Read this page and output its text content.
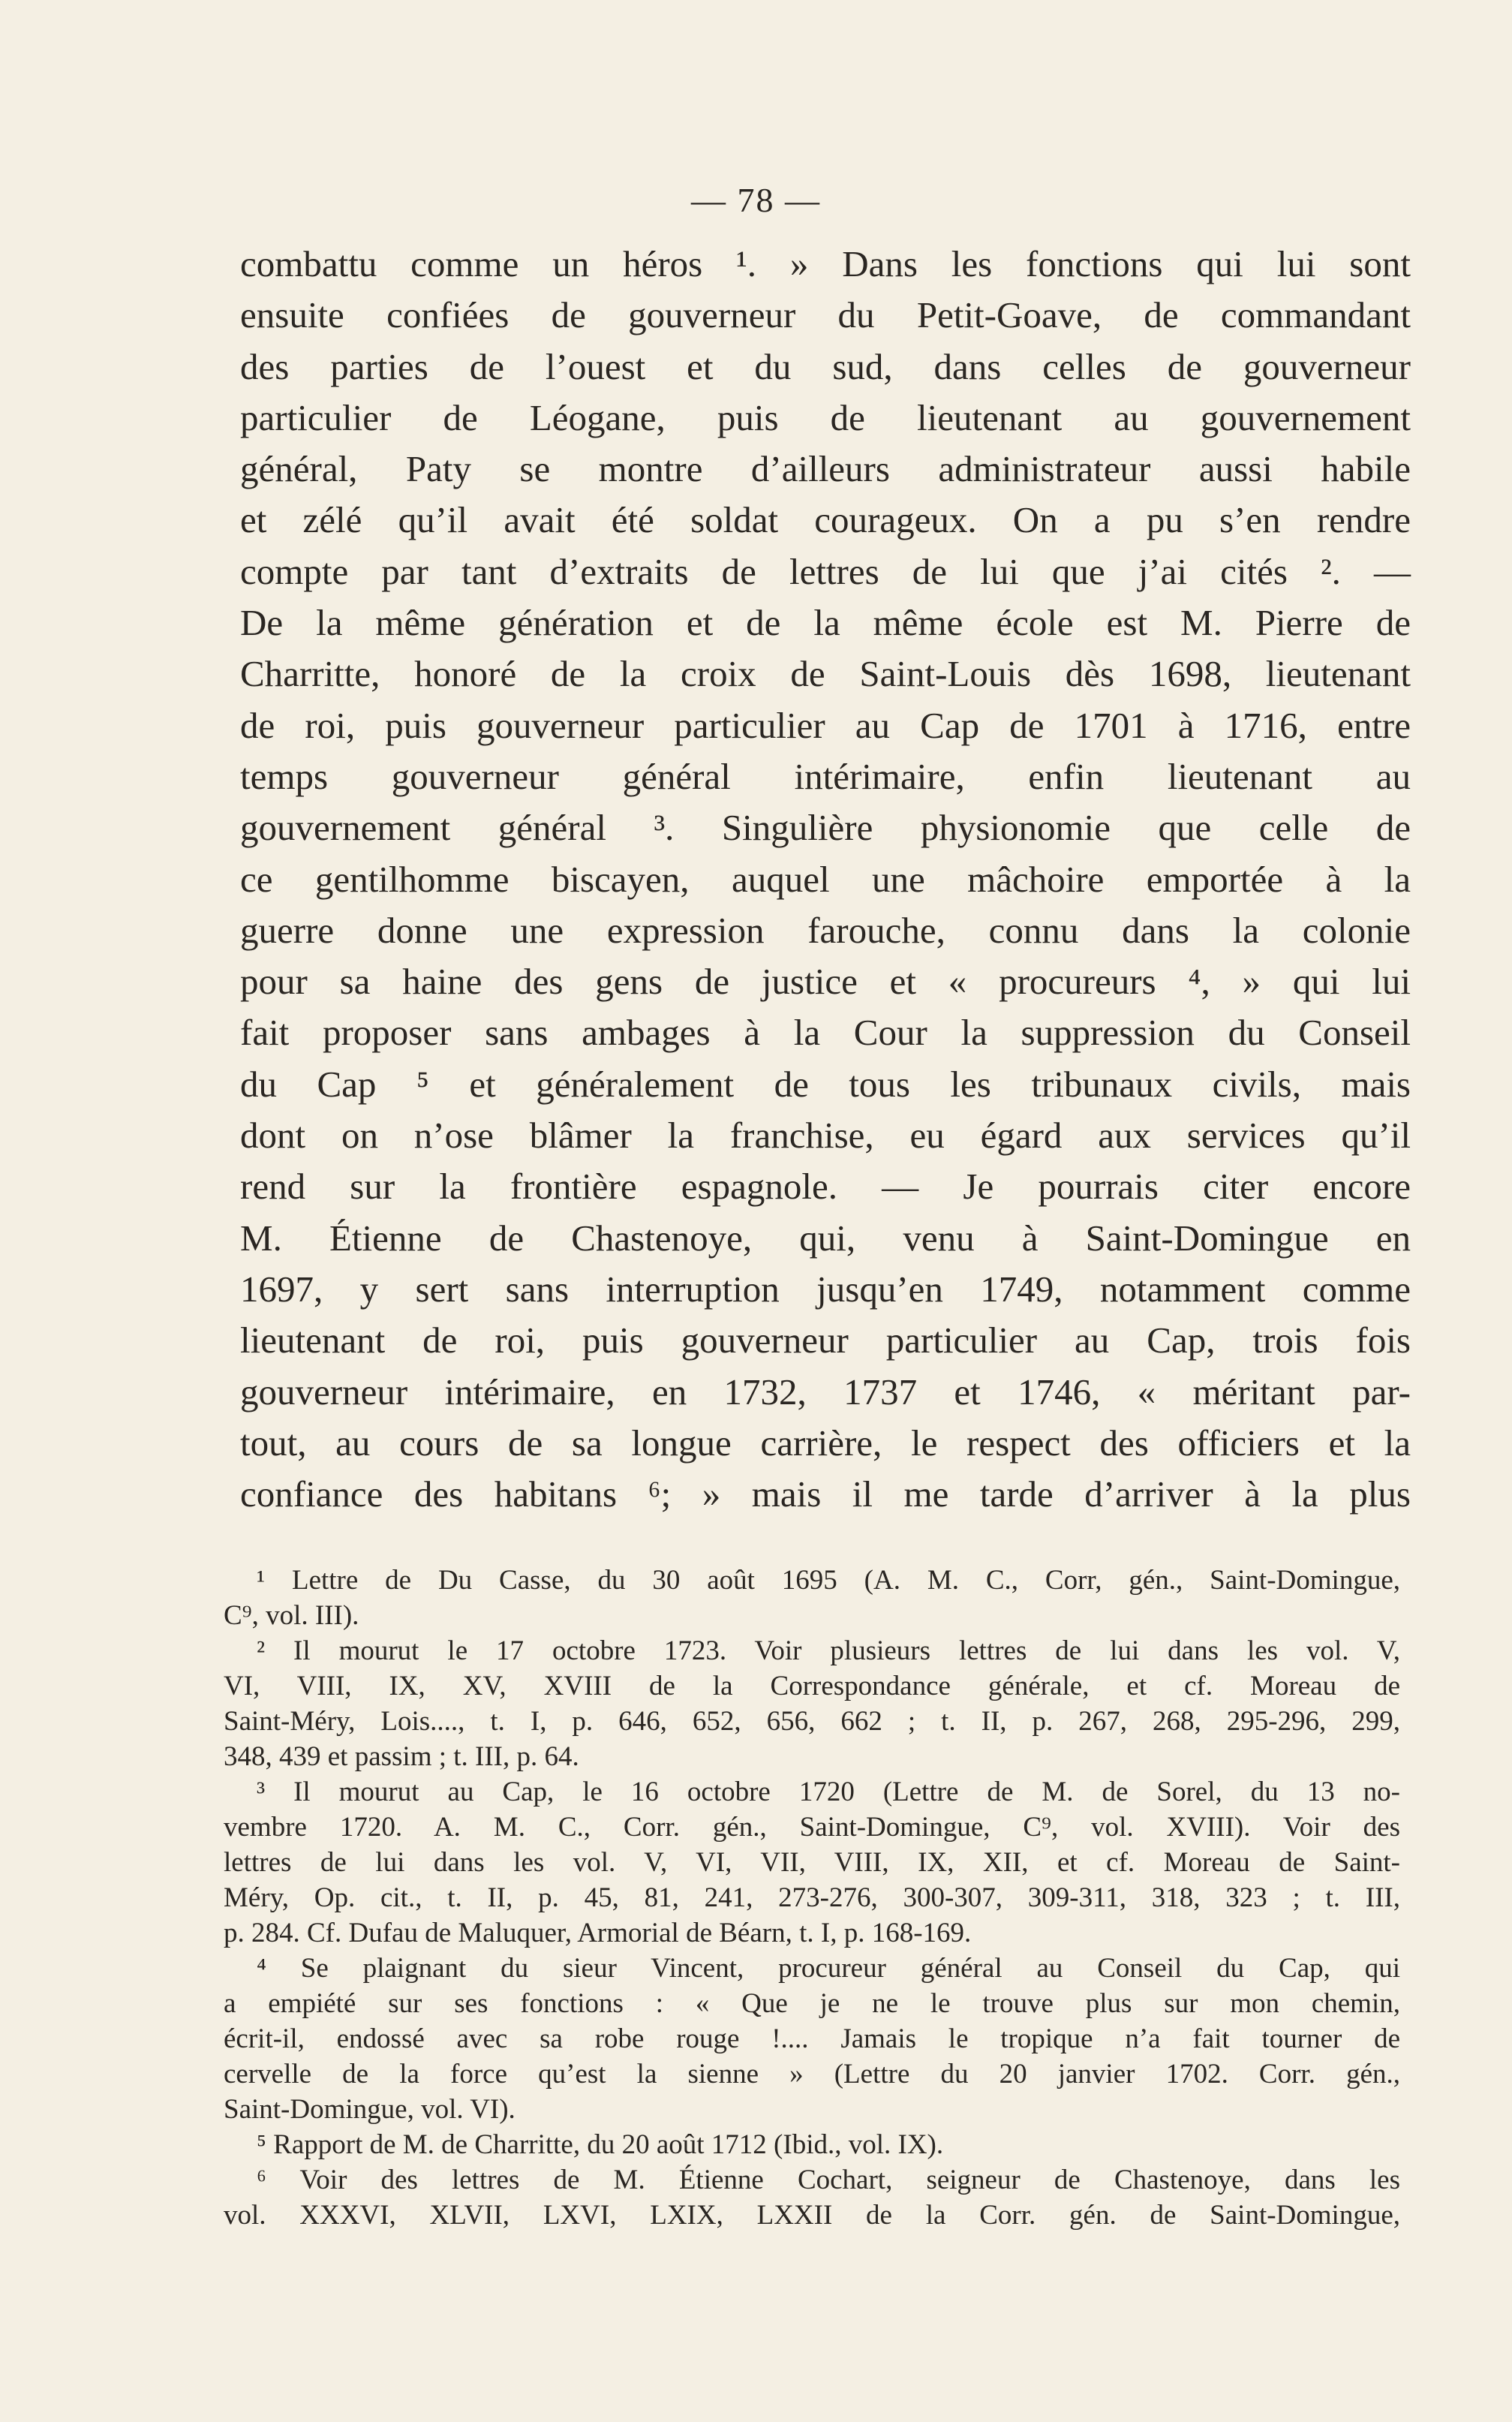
— 78 —
combattu comme un héros ¹. » Dans les fonctions qui lui sont
ensuite confiées de gouverneur du Petit-Goave, de commandant
des parties de l’ouest et du sud, dans celles de gouverneur
particulier de Léogane, puis de lieutenant au gouvernement
général, Paty se montre d’ailleurs administrateur aussi habile
et zélé qu’il avait été soldat courageux. On a pu s’en rendre
compte par tant d’extraits de lettres de lui que j’ai cités ². —
De la même génération et de la même école est M. Pierre de
Charritte, honoré de la croix de Saint-Louis dès 1698, lieutenant
de roi, puis gouverneur particulier au Cap de 1701 à 1716, entre
temps gouverneur général intérimaire, enfin lieutenant au
gouvernement général ³. Singulière physionomie que celle de
ce gentilhomme biscayen, auquel une mâchoire emportée à la
guerre donne une expression farouche, connu dans la colonie
pour sa haine des gens de justice et « procureurs ⁴, » qui lui
fait proposer sans ambages à la Cour la suppression du Conseil
du Cap ⁵ et généralement de tous les tribunaux civils, mais
dont on n’ose blâmer la franchise, eu égard aux services qu’il
rend sur la frontière espagnole. — Je pourrais citer encore
M. Étienne de Chastenoye, qui, venu à Saint-Domingue en
1697, y sert sans interruption jusqu’en 1749, notamment comme
lieutenant de roi, puis gouverneur particulier au Cap, trois fois
gouverneur intérimaire, en 1732, 1737 et 1746, « méritant par-
tout, au cours de sa longue carrière, le respect des officiers et la
confiance des habitans ⁶; » mais il me tarde d’arriver à la plus
¹ Lettre de Du Casse, du 30 août 1695 (A. M. C., Corr, gén., Saint-Domingue,
C⁹, vol. III).
² Il mourut le 17 octobre 1723. Voir plusieurs lettres de lui dans les vol. V,
VI, VIII, IX, XV, XVIII de la Correspondance générale, et cf. Moreau de
Saint-Méry, Lois...., t. I, p. 646, 652, 656, 662 ; t. II, p. 267, 268, 295-296, 299,
348, 439 et passim ; t. III, p. 64.
³ Il mourut au Cap, le 16 octobre 1720 (Lettre de M. de Sorel, du 13 no-
vembre 1720. A. M. C., Corr. gén., Saint-Domingue, C⁹, vol. XVIII). Voir des
lettres de lui dans les vol. V, VI, VII, VIII, IX, XII, et cf. Moreau de Saint-
Méry, Op. cit., t. II, p. 45, 81, 241, 273-276, 300-307, 309-311, 318, 323 ; t. III,
p. 284. Cf. Dufau de Maluquer, Armorial de Béarn, t. I, p. 168-169.
⁴ Se plaignant du sieur Vincent, procureur général au Conseil du Cap, qui
a empiété sur ses fonctions : « Que je ne le trouve plus sur mon chemin,
écrit-il, endossé avec sa robe rouge !.... Jamais le tropique n’a fait tourner de
cervelle de la force qu’est la sienne » (Lettre du 20 janvier 1702. Corr. gén.,
Saint-Domingue, vol. VI).
⁵ Rapport de M. de Charritte, du 20 août 1712 (Ibid., vol. IX).
⁶ Voir des lettres de M. Étienne Cochart, seigneur de Chastenoye, dans les
vol. XXXVI, XLVII, LXVI, LXIX, LXXII de la Corr. gén. de Saint-Domingue,
